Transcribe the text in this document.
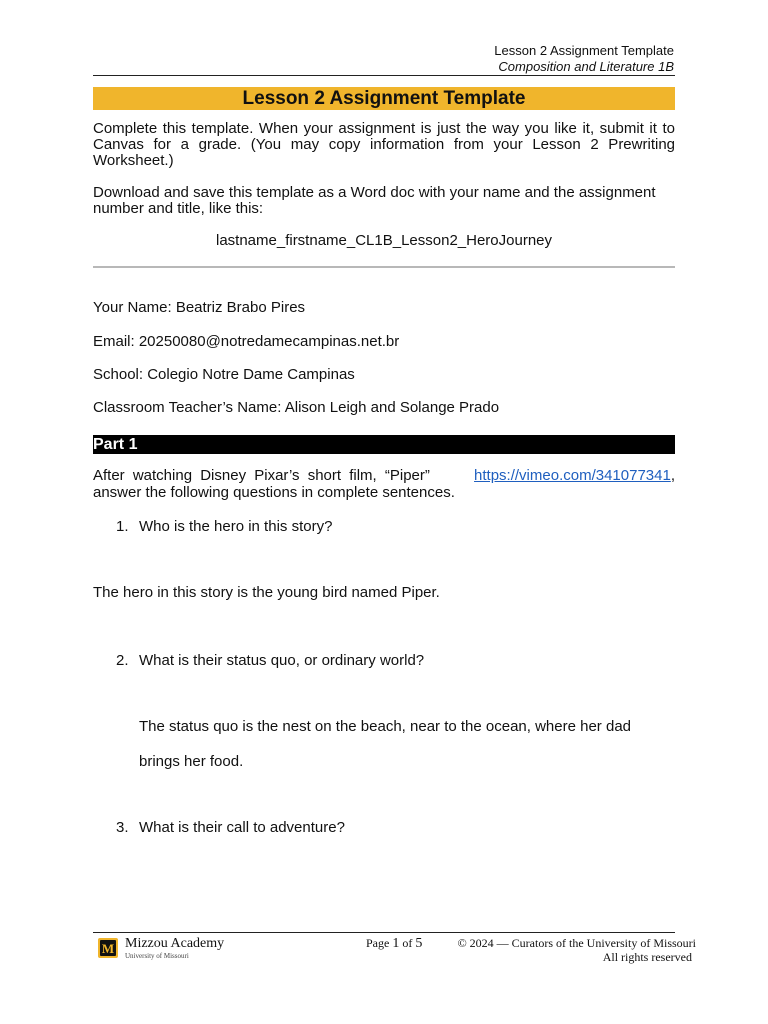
Lesson 2 Assignment Template
Composition and Literature 1B
Lesson 2 Assignment Template
Complete this template. When your assignment is just the way you like it, submit it to Canvas for a grade. (You may copy information from your Lesson 2 Prewriting Worksheet.)
Download and save this template as a Word doc with your name and the assignment number and title, like this:
lastname_firstname_CL1B_Lesson2_HeroJourney
Your Name: Beatriz Brabo Pires
Email: 20250080@notredamecampinas.net.br
School: Colegio Notre Dame Campinas
Classroom Teacher’s Name: Alison Leigh and Solange Prado
Part 1
After watching Disney Pixar’s short film, “Piper”	https://vimeo.com/341077341,
answer the following questions in complete sentences.
1. Who is the hero in this story?
The hero in this story is the young bird named Piper.
2. What is their status quo, or ordinary world?
The status quo is the nest on the beach, near to the ocean, where her dad
brings her food.
3. What is their call to adventure?
M Mizzou Academy
University of Missouri
Page 1 of 5	© 2024 — Curators of the University of Missouri
All rights reserved
